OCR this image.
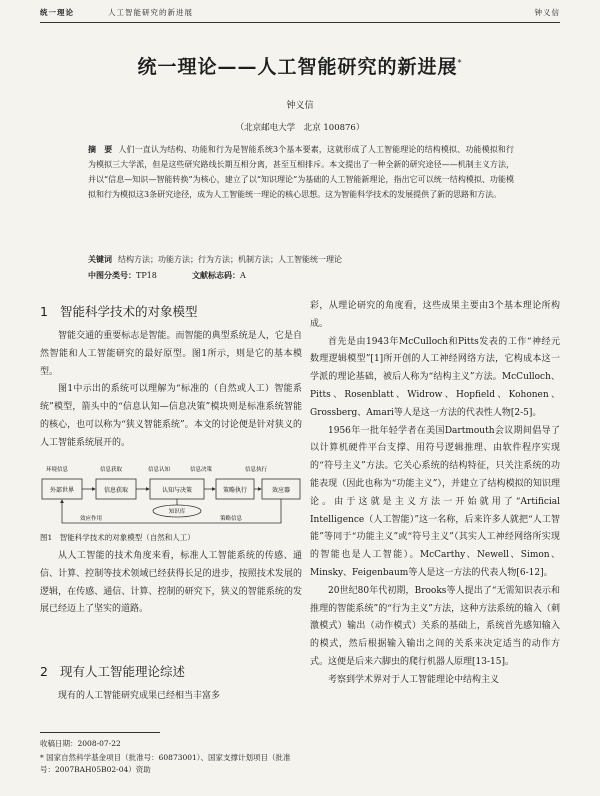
统一理论	人工智能研究的新进展	钟义信
统一理论——人工智能研究的新进展*
钟义信
（北京邮电大学　北京 100876）
摘　要 人们一直认为结构、功能和行为是智能系统3个基本要素，这就形成了人工智能理论的结构模拟、功能模拟和行为模拟三大学派，但是这些研究路线长期互相分离，甚至互相排斥。本文提出了一种全新的研究途径——机制主义方法，并以“信息—知识—智能转换”为核心，建立了以“知识理论”为基础的人工智能新理论，指出它可以统一结构模拟、功能模拟和行为模拟这3条研究途径，成为人工智能统一理论的核心思想。这为智能科学技术的发展提供了新的思路和方法。
关键词 结构方法；功能方法；行为方法；机制方法；人工智能统一理论
中图分类号：TP18	文献标志码：A
1 智能科学技术的对象模型

智能交通的重要标志是智能。而智能的典型系统是人，它是自然智能和人工智能研究的最好原型。图1所示，则是它的基本模型。

图1中示出的系统可以理解为“标准的（自然或人工）智能系统”模型，箭头中的“信息认知—信息决策”模块则是标准系统智能的核心，也可以称为“狭义智能系统”。本文的讨论便是针对狭义的人工智能系统展开的。

环境信息	信息获取	信息认知	信息决策	信息执行
外部世界	信息获取	认知与决策	策略执行	效应器
知识库
效应作用	策略信息
图1　智能科学技术的对象模型（自然和人工）

从人工智能的技术角度来看，标准人工智能系统的传感、通信、计算、控制等技术领域已经获得长足的进步，按照技术发展的逻辑，在传感、通信、计算、控制的研究下，狭义的智能系统的发展已经迈上了坚实的道路。

2 现有人工智能理论综述

现有的人工智能研究成果已经相当丰富多

收稿日期：2008-07-22
* 国家自然科学基金项目（批准号：60873001）、国家支撑计划项目（批准号：2007BAH05B02-04）资助

彩，从理论研究的角度看，这些成果主要由3个基本理论所构成。

首先是由1943年McCulloch和Pitts发表的工作“神经元数理逻辑模型”[1]所开创的人工神经网络方法，它构成本这一学派的理论基础，被后人称为“结构主义”方法。McCulloch、Pitts、Rosenblatt、Widrow、Hopfield、Kohonen、Grossberg、Amari等人是这一方法的代表性人物[2-5]。

1956年一批年轻学者在美国Dartmouth会议期间倡导了以计算机硬件平台支撑、用符号逻辑推理、由软件程序实现的“符号主义”方法。它关心系统的结构特征，只关注系统的功能表现（因此也称为“功能主义”），并建立了结构模拟的知识理论。由于这就是主义方法一开始就用了“Artificial Intelligence（人工智能）”这一名称，后来许多人就把“人工智能”等同于“功能主义”或“符号主义”（其实人工神经网络所实现的智能也是人工智能）。McCarthy、Newell、Simon、Minsky、Feigenbaum等人是这一方法的代表人物[6-12]。

20世纪80年代初期，Brooks等人提出了“无需知识表示和推理的智能系统”的“行为主义”方法，这种方法系统的输入（刺激模式）输出（动作模式）关系的基础上，系统首先感知输入的模式，然后根据输入输出之间的关系来决定适当的动作方式。这便是后来六脚虫的爬行机器人原理[13-15]。

考察到学术界对于人工智能理论中结构主义
